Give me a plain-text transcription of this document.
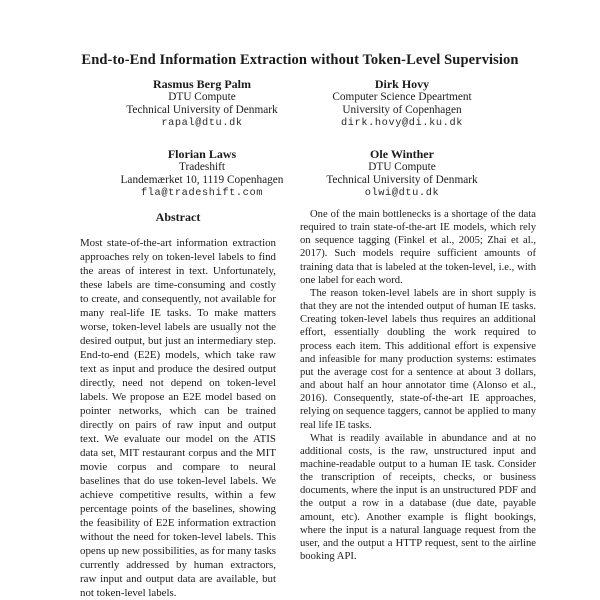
End-to-End Information Extraction without Token-Level Supervision
Rasmus Berg Palm
DTU Compute
Technical University of Denmark
rapal@dtu.dk
Dirk Hovy
Computer Science Dpeartment
University of Copenhagen
dirk.hovy@di.ku.dk
Florian Laws
Tradeshift
Landemærket 10, 1119 Copenhagen
fla@tradeshift.com
Ole Winther
DTU Compute
Technical University of Denmark
olwi@dtu.dk
Abstract

Most state-of-the-art information extraction approaches rely on token-level labels to find the areas of interest in text. Unfortunately, these labels are time-consuming and costly to create, and consequently, not available for many real-life IE tasks. To make matters worse, token-level labels are usually not the desired output, but just an intermediary step. End-to-end (E2E) models, which take raw text as input and produce the desired output directly, need not depend on token-level labels. We propose an E2E model based on pointer networks, which can be trained directly on pairs of raw input and output text. We evaluate our model on the ATIS data set, MIT restaurant corpus and the MIT movie corpus and compare to neural baselines that do use token-level labels. We achieve competitive results, within a few percentage points of the baselines, showing the feasibility of E2E information extraction without the need for token-level labels. This opens up new possibilities, as for many tasks currently addressed by human extractors, raw input and output data are available, but not token-level labels.

One of the main bottlenecks is a shortage of the data required to train state-of-the-art IE models, which rely on sequence tagging (Finkel et al., 2005; Zhai et al., 2017). Such models require sufficient amounts of training data that is labeled at the token-level, i.e., with one label for each word.

The reason token-level labels are in short supply is that they are not the intended output of human IE tasks. Creating token-level labels thus requires an additional effort, essentially doubling the work required to process each item. This additional effort is expensive and infeasible for many production systems: estimates put the average cost for a sentence at about 3 dollars, and about half an hour annotator time (Alonso et al., 2016). Consequently, state-of-the-art IE approaches, relying on sequence taggers, cannot be applied to many real life IE tasks.

What is readily available in abundance and at no additional costs, is the raw, unstructured input and machine-readable output to a human IE task. Consider the transcription of receipts, checks, or business documents, where the input is an unstructured PDF and the output a row in a database (due date, payable amount, etc). Another example is flight bookings, where the input is a natural language request from the user, and the output a HTTP request, sent to the airline booking API.
